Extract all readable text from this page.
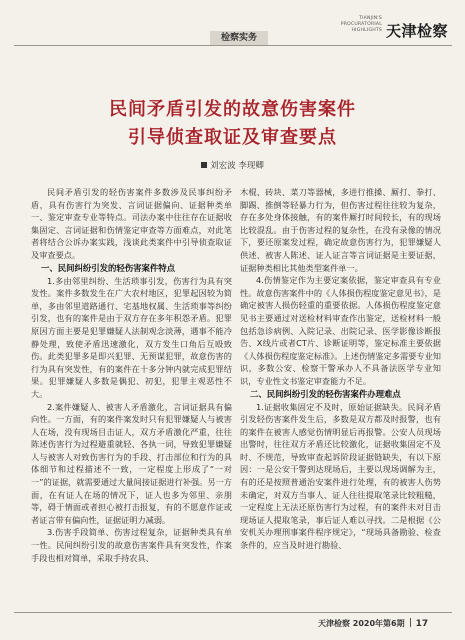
检察实务
TIANJIN'S PROCURATORIAL HIGHLIGHTS 天津检察
民间矛盾引发的故意伤害案件
引导侦查取证及审查要点
刘宏波 李现卿

民间矛盾引发的轻伤害案件多数涉及民事纠纷矛盾，具有伤害行为突发、言词证据偏向、证据种类单一、鉴定审查专业等特点。司法办案中往往存在证据收集固定、言词证据和伤情鉴定审查等方面难点，对此笔者将结合公诉办案实践，浅谈此类案件中引导侦查取证及审查要点。

一、民间纠纷引发的轻伤害案件特点

1.多由邻里纠纷、生活琐事引发，伤害行为具有突发性。案件多数发生在广大农村地区，犯罪起因较为简单，多由邻里道路通行、宅基地权属、生活琐事等纠纷引发，也有的案件是由于双方存在多年积怨矛盾。犯罪原因方面主要是犯罪嫌疑人法制观念淡薄，遇事不能冷静处理，致使矛盾迅速激化，双方发生口角后互殴致伤。此类犯罪多是即兴犯罪、无预谋犯罪，故意伤害的行为具有突发性，有的案件在十多分钟内就完成犯罪结果。犯罪嫌疑人多数是偶犯、初犯，犯罪主观恶性不大。

2.案件嫌疑人、被害人矛盾激化，言词证据具有偏向性。一方面，有的案件案发时只有犯罪嫌疑人与被害人在场，没有现场目击证人，双方矛盾激化严重，往往陈述伤害行为过程避重就轻、各执一词，导致犯罪嫌疑人与被害人对致伤害行为的手段、打击部位和行为的具体细节和过程描述不一致，一定程度上形成了“一对一”的证据，就需要通过大量间接证据进行补强。另一方面，在有证人在场的情况下，证人也多为邻里、亲朋等，碍于情面或者担心被打击报复，有的不愿意作证或者证言带有偏向性，证据证明力减弱。

3.伤害手段简单、伤害过程复杂，证据种类具有单一性。民间纠纷引发的故意伤害案件具有突发性，作案手段也相对简单，采取手持农具、

木棍、砖块、菜刀等器械，多进行推搡、厮打、拳打、脚踢、推倒等轻暴力行为，但伤害过程往往较为复杂，存在多处身体接触，有的案件厮打时间较长，有的现场比较混乱。由于伤害过程的复杂性，在没有录像的情况下，要还原案发过程，确定故意伤害行为，犯罪嫌疑人供述、被害人陈述、证人证言等言词证据是主要证据，证据种类相比其他类型案件单一。

4.伤情鉴定作为主要定案依据，鉴定审查具有专业性。故意伤害案件中的《人体损伤程度鉴定意见书》，是确定被害人损伤轻重的重要依据。人体损伤程度鉴定意见书主要通过对送检材料审查作出鉴定，送检材料一般包括急诊病例、入院记录、出院记录、医学影像诊断报告、X线片或者CT片、诊断证明等，鉴定标准主要依据《人体损伤程度鉴定标准》。上述伤情鉴定多需要专业知识，多数公安、检察干警承办人不具备法医学专业知识，专业性文书鉴定审查能力不足。

二、民间纠纷引发的轻伤害案件办理难点

1.证据收集固定不及时，原始证据缺失。民间矛盾引发轻伤害案件发生后，多数是双方都及时报警，也有的案件在被害人感觉伤情明显后再报警。公安人员现场出警时，往往双方矛盾还比较激化，证据收集固定不及时、不规范，导致审查起诉阶段证据链缺失，有以下原因：一是公安干警到达现场后，主要以现场调解为主，有的还是按照普通治安案件进行处理，有的被害人伤势未确定，对双方当事人、证人往往提取笔录比较粗糙，一定程度上无法还原伤害行为过程，有的案件未对目击现场证人提取笔录，事后证人难以寻找。二是根据《公安机关办理刑事案件程序规定》，“现场具备勘验、检查条件的，应当及时进行勘验、

天津检察 2020年第6期 17
